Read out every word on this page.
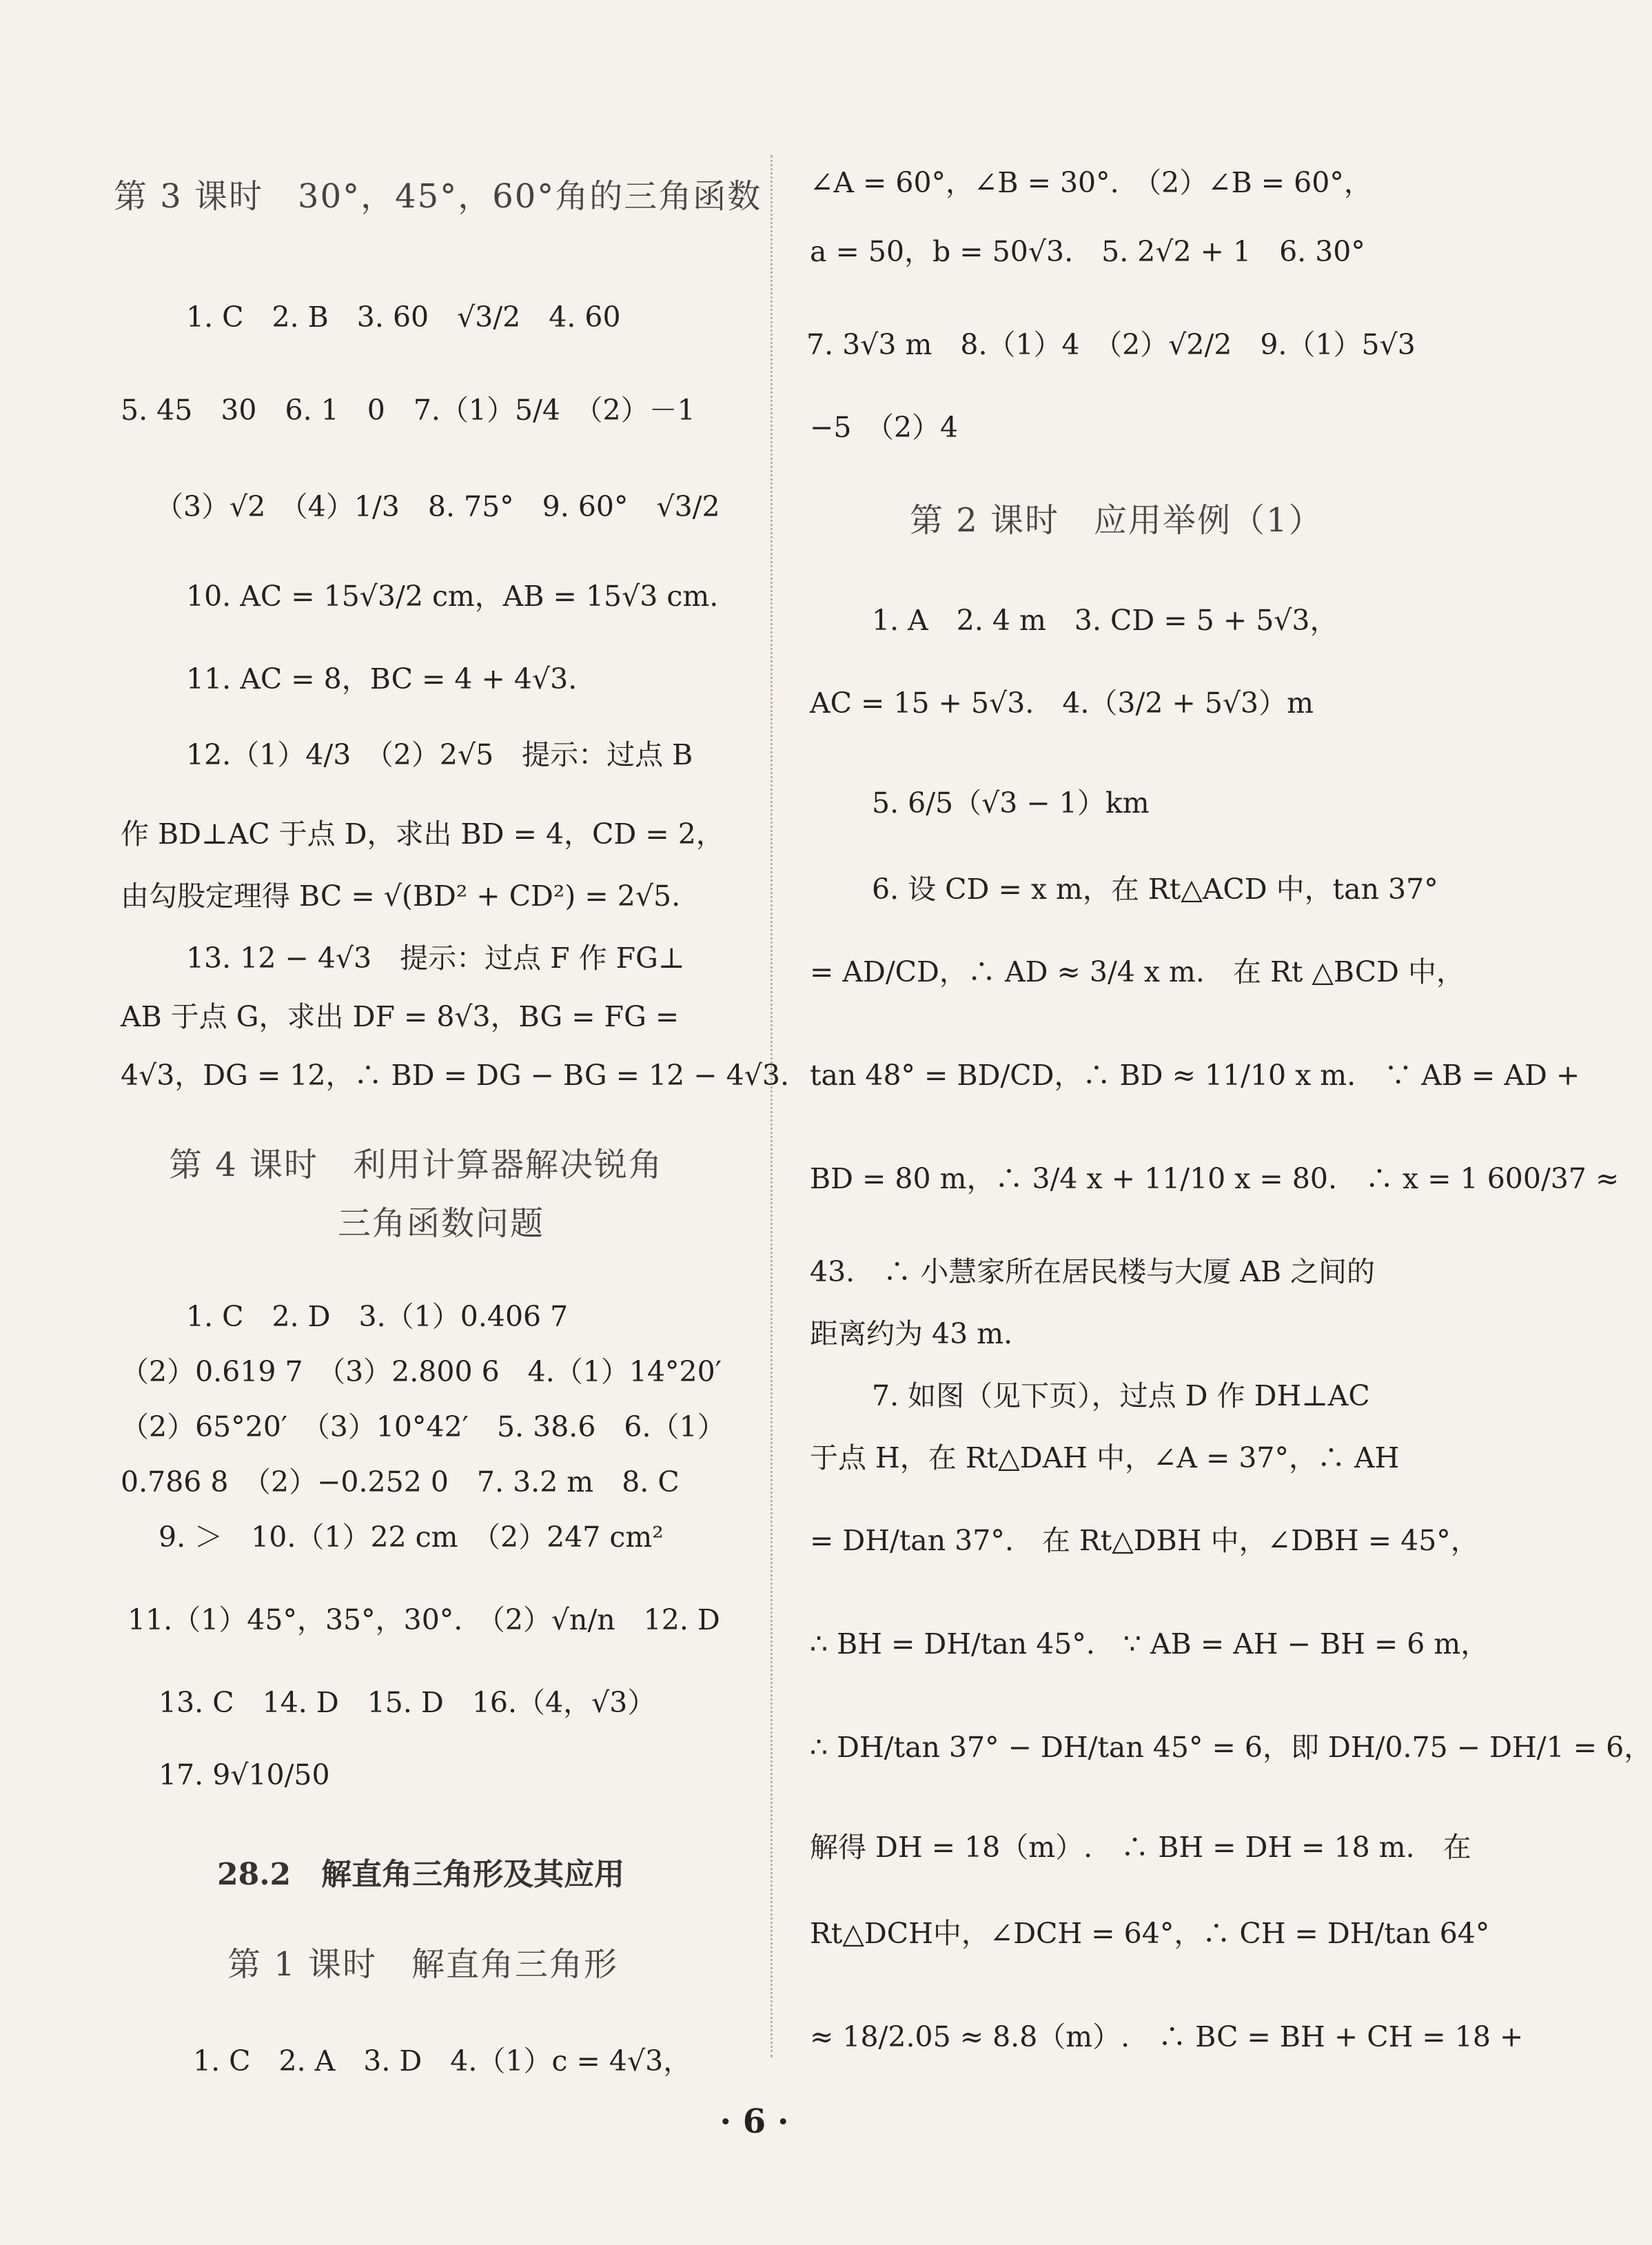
第 3 课时　30°，45°，60°角的三角函数
1. C　2. B　3. 60　√3/2　4. 60
5. 45　30　6. 1　0　7.（1）5/4　（2）－1
（3）√2　（4）1/3　8. 75°　9. 60°　√3/2
10. AC = 15√3/2 cm，AB = 15√3 cm.
11. AC = 8，BC = 4 + 4√3.
12.（1）4/3　（2）2√5　提示：过点 B
作 BD⊥AC 于点 D，求出 BD = 4，CD = 2，
由勾股定理得 BC = √(BD² + CD²) = 2√5.
13. 12 − 4√3　提示：过点 F 作 FG⊥
AB 于点 G，求出 DF = 8√3，BG = FG =
4√3，DG = 12，∴ BD = DG − BG = 12 − 4√3.
第 4 课时　利用计算器解决锐角
三角函数问题
1. C　2. D　3.（1）0.406 7
（2）0.619 7　（3）2.800 6　4.（1）14°20′
（2）65°20′　（3）10°42′　5. 38.6　6.（1）
0.786 8　（2）−0.252 0　7. 3.2 m　8. C
9. ＞　10.（1）22 cm　（2）247 cm²
11.（1）45°，35°，30°.　（2）√n/n　12. D
13. C　14. D　15. D　16.（4，√3）
17. 9√10/50
28.2　解直角三角形及其应用
第 1 课时　解直角三角形
1. C　2. A　3. D　4.（1）c = 4√3，
∠A = 60°，∠B = 30°.　（2）∠B = 60°，
a = 50，b = 50√3.　5. 2√2 + 1　6. 30°
7. 3√3 m　8.（1）4　（2）√2/2　9.（1）5√3
−5　（2）4
第 2 课时　应用举例（1）
1. A　2. 4 m　3. CD = 5 + 5√3，
AC = 15 + 5√3.　4.（3/2 + 5√3）m
5. 6/5（√3 − 1）km
6. 设 CD = x m，在 Rt△ACD 中，tan 37°
= AD/CD，∴ AD ≈ 3/4 x m.　在 Rt △BCD 中，
tan 48° = BD/CD，∴ BD ≈ 11/10 x m.　∵ AB = AD +
BD = 80 m，∴ 3/4 x + 11/10 x = 80.　∴ x = 1 600/37 ≈
43.　∴ 小慧家所在居民楼与大厦 AB 之间的
距离约为 43 m.
7. 如图（见下页），过点 D 作 DH⊥AC
于点 H，在 Rt△DAH 中，∠A = 37°，∴ AH
= DH/tan 37°.　在 Rt△DBH 中，∠DBH = 45°，
∴ BH = DH/tan 45°.　∵ AB = AH − BH = 6 m，
∴ DH/tan 37° − DH/tan 45° = 6，即 DH/0.75 − DH/1 = 6，
解得 DH = 18（m）.　∴ BH = DH = 18 m.　在
Rt△DCH中，∠DCH = 64°，∴ CH = DH/tan 64°
≈ 18/2.05 ≈ 8.8（m）.　∴ BC = BH + CH = 18 +
· 6 ·
